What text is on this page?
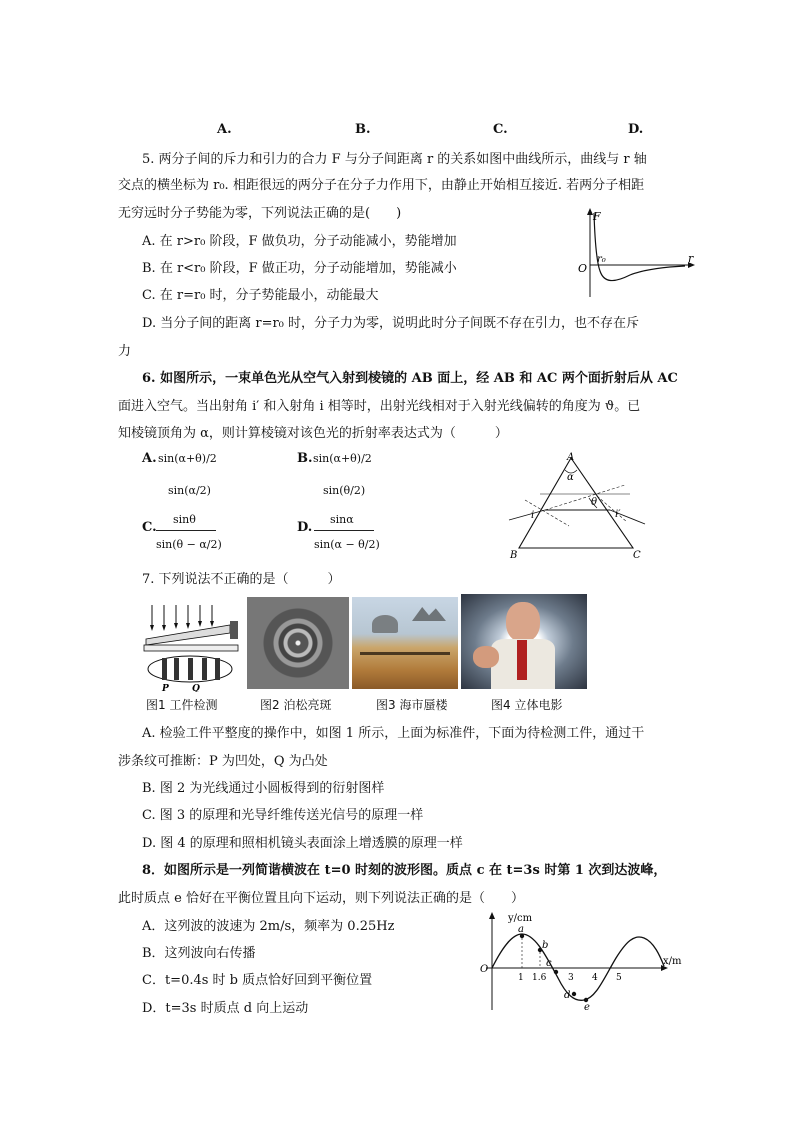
A.	B.	C.	D.
5. 两分子间的斥力和引力的合力 F 与分子间距离 r 的关系如图中曲线所示，曲线与 r 轴
交点的横坐标为 r₀. 相距很远的两分子在分子力作用下，由静止开始相互接近. 若两分子相距
无穷远时分子势能为零，下列说法正确的是(　　)
A. 在 r>r₀ 阶段，F 做负功，分子动能减小，势能增加
B. 在 r<r₀ 阶段，F 做正功，分子动能增加，势能减小
C. 在 r=r₀ 时，分子势能最小，动能最大
D. 当分子间的距离 r=r₀ 时，分子力为零，说明此时分子间既不存在引力，也不存在斥
力
F
r
O
r₀
6. 如图所示，一束单色光从空气入射到棱镜的 AB 面上，经 AB 和 AC 两个面折射后从 AC
面进入空气。当出射角 i′ 和入射角 i 相等时，出射光线相对于入射光线偏转的角度为 ϑ。已
知棱镜顶角为 α，则计算棱镜对该色光的折射率表达式为（　　　）
A. sin(α+θ)/2
sin(α/2)
B. sin(α+θ)/2
sin(θ/2)
C.
sinθ
sin(θ − α/2)
D.
sinα
sin(α − θ/2)
A
B	C
α
θ
i	i′
7. 下列说法不正确的是（　　　）
P	Q
图1 工件检测	图2 泊松亮斑	图3 海市蜃楼	图4 立体电影
A. 检验工件平整度的操作中，如图 1 所示，上面为标准件，下面为待检测工件，通过干
涉条纹可推断：P 为凹处，Q 为凸处
B. 图 2 为光线通过小圆板得到的衍射图样
C. 图 3 的原理和光导纤维传送光信号的原理一样
D. 图 4 的原理和照相机镜头表面涂上增透膜的原理一样
8．如图所示是一列简谐横波在 t=0 时刻的波形图。质点 c 在 t=3s 时第 1 次到达波峰，
此时质点 e 恰好在平衡位置且向下运动，则下列说法正确的是（　　）
A．这列波的波速为 2m/s，频率为 0.25Hz
B．这列波向右传播
C．t=0.4s 时 b 质点恰好回到平衡位置
D．t=3s 时质点 d 向上运动
y/cm
x/m
O
1 1.6 3 4 5
a
b
c
d
e
